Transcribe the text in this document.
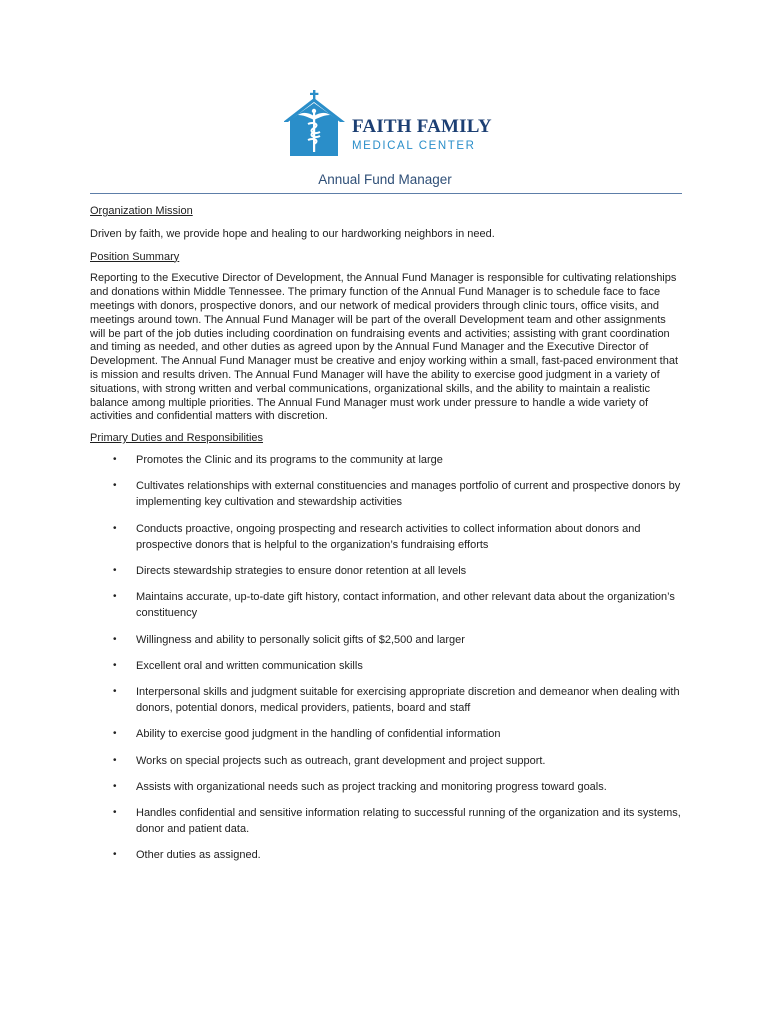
FAITH FAMILY
MEDICAL CENTER
Annual Fund Manager

Organization Mission

Driven by faith, we provide hope and healing to our hardworking neighbors in need.

Position Summary

Reporting to the Executive Director of Development, the Annual Fund Manager is responsible for cultivating relationships and donations within Middle Tennessee. The primary function of the Annual Fund Manager is to schedule face to face meetings with donors, prospective donors, and our network of medical providers through clinic tours, office visits, and meetings around town. The Annual Fund Manager will be part of the overall Development team and other assignments will be part of the job duties including coordination on fundraising events and activities; assisting with grant coordination and timing as needed, and other duties as agreed upon by the Annual Fund Manager and the Executive Director of Development. The Annual Fund Manager must be creative and enjoy working within a small, fast-paced environment that is mission and results driven. The Annual Fund Manager will have the ability to exercise good judgment in a variety of situations, with strong written and verbal communications, organizational skills, and the ability to maintain a realistic balance among multiple priorities. The Annual Fund Manager must work under pressure to handle a wide variety of activities and confidential matters with discretion.

Primary Duties and Responsibilities

• Promotes the Clinic and its programs to the community at large
• Cultivates relationships with external constituencies and manages portfolio of current and prospective donors by implementing key cultivation and stewardship activities
• Conducts proactive, ongoing prospecting and research activities to collect information about donors and prospective donors that is helpful to the organization’s fundraising efforts
• Directs stewardship strategies to ensure donor retention at all levels
• Maintains accurate, up-to-date gift history, contact information, and other relevant data about the organization’s constituency
• Willingness and ability to personally solicit gifts of $2,500 and larger
• Excellent oral and written communication skills
• Interpersonal skills and judgment suitable for exercising appropriate discretion and demeanor when dealing with donors, potential donors, medical providers, patients, board and staff
• Ability to exercise good judgment in the handling of confidential information
• Works on special projects such as outreach, grant development and project support.
• Assists with organizational needs such as project tracking and monitoring progress toward goals.
• Handles confidential and sensitive information relating to successful running of the organization and its systems, donor and patient data.
• Other duties as assigned.
